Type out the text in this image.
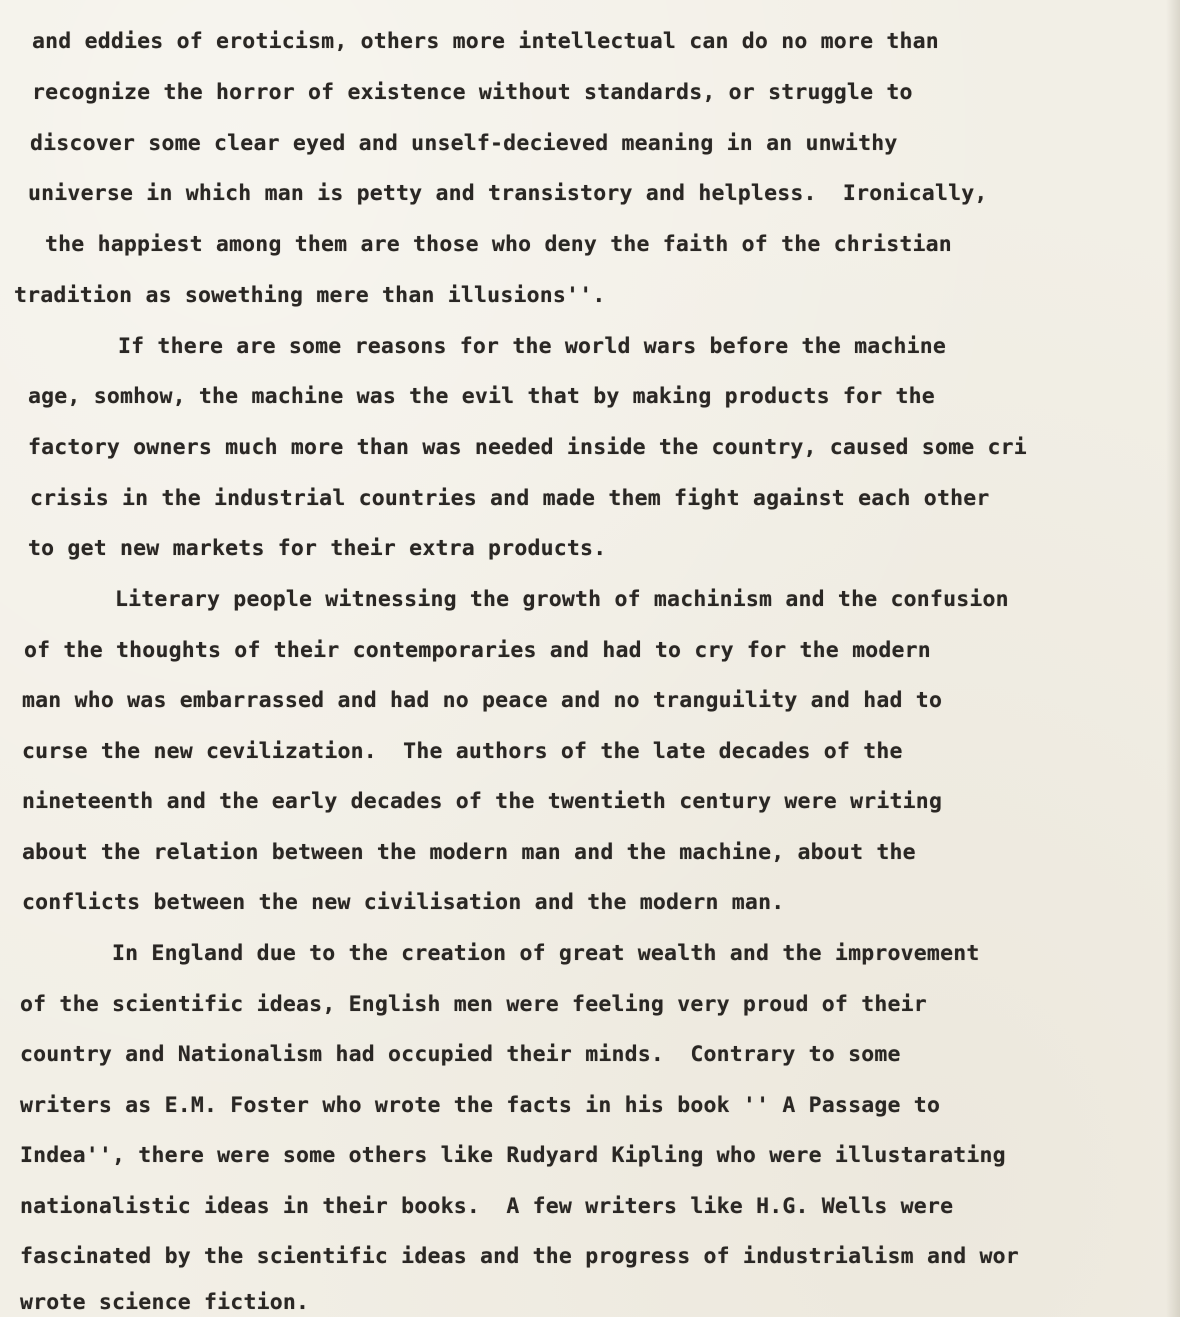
and eddies of eroticism, others more intellectual can do no more than
recognize the horror of existence without standards, or struggle to
discover some clear eyed and unself-decieved meaning in an unwithy
universe in which man is petty and transistory and helpless.  Ironically,
the happiest among them are those who deny the faith of the christian
tradition as sowething mere than illusions''.
If there are some reasons for the world wars before the machine
age, somhow, the machine was the evil that by making products for the
factory owners much more than was needed inside the country, caused some cri
crisis in the industrial countries and made them fight against each other
to get new markets for their extra products.
Literary people witnessing the growth of machinism and the confusion
of the thoughts of their contemporaries and had to cry for the modern
man who was embarrassed and had no peace and no tranguility and had to
curse the new cevilization.  The authors of the late decades of the
nineteenth and the early decades of the twentieth century were writing
about the relation between the modern man and the machine, about the
conflicts between the new civilisation and the modern man.
In England due to the creation of great wealth and the improvement
of the scientific ideas, English men were feeling very proud of their
country and Nationalism had occupied their minds.  Contrary to some
writers as E.M. Foster who wrote the facts in his book '' A Passage to
Indea'', there were some others like Rudyard Kipling who were illustarating
nationalistic ideas in their books.  A few writers like H.G. Wells were
fascinated by the scientific ideas and the progress of industrialism and wor
wrote science fiction.
